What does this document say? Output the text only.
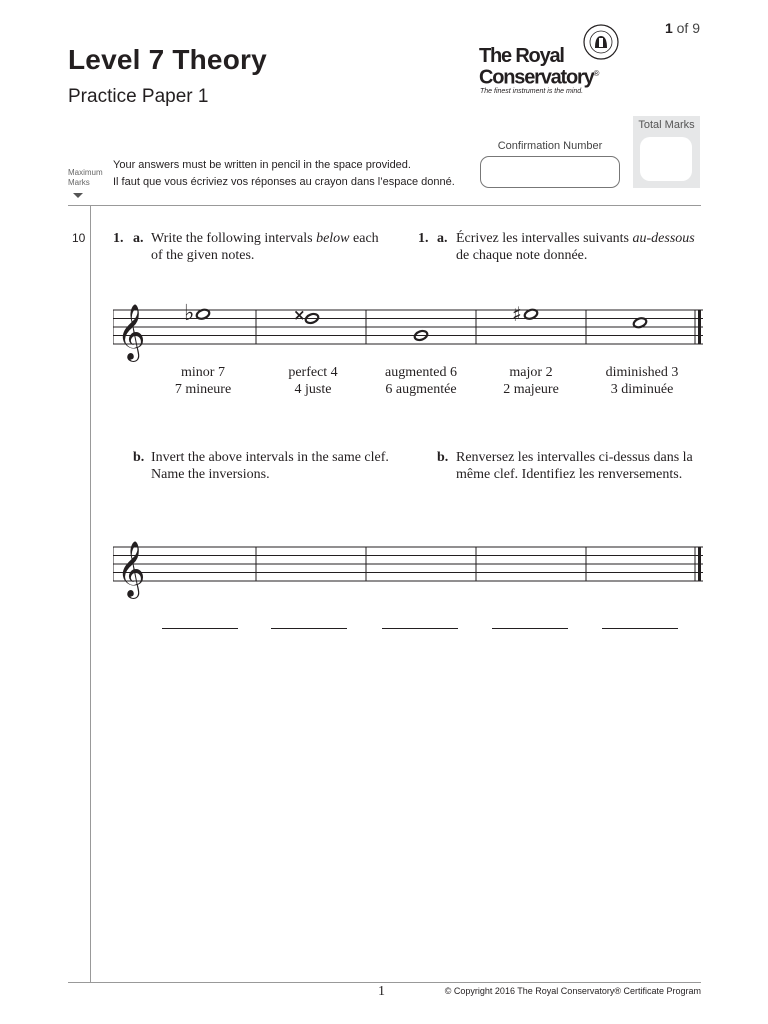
1 of 9
Level 7 Theory
Practice Paper 1
The Royal
Conservatory®
The finest instrument is the mind.
Total Marks
Confirmation Number
Maximum
Marks
Your answers must be written in pencil in the space provided.
Il faut que vous écriviez vos réponses au crayon dans l’espace donné.
10 1. a. Write the following intervals below each
of the given notes.
1. a. Écrivez les intervalles suivants au-dessous
de chaque note donnée.
𝄞 ♭	×	♯
minor 7
7 mineure
perfect 4
4 juste
augmented 6
6 augmentée
major 2
2 majeure
diminished 3
3 diminuée
b. Invert the above intervals in the same clef.
Name the inversions.
b. Renversez les intervalles ci-dessus dans la
même clef. Identifiez les renversements.
𝄞
1	© Copyright 2016 The Royal Conservatory® Certificate Program
